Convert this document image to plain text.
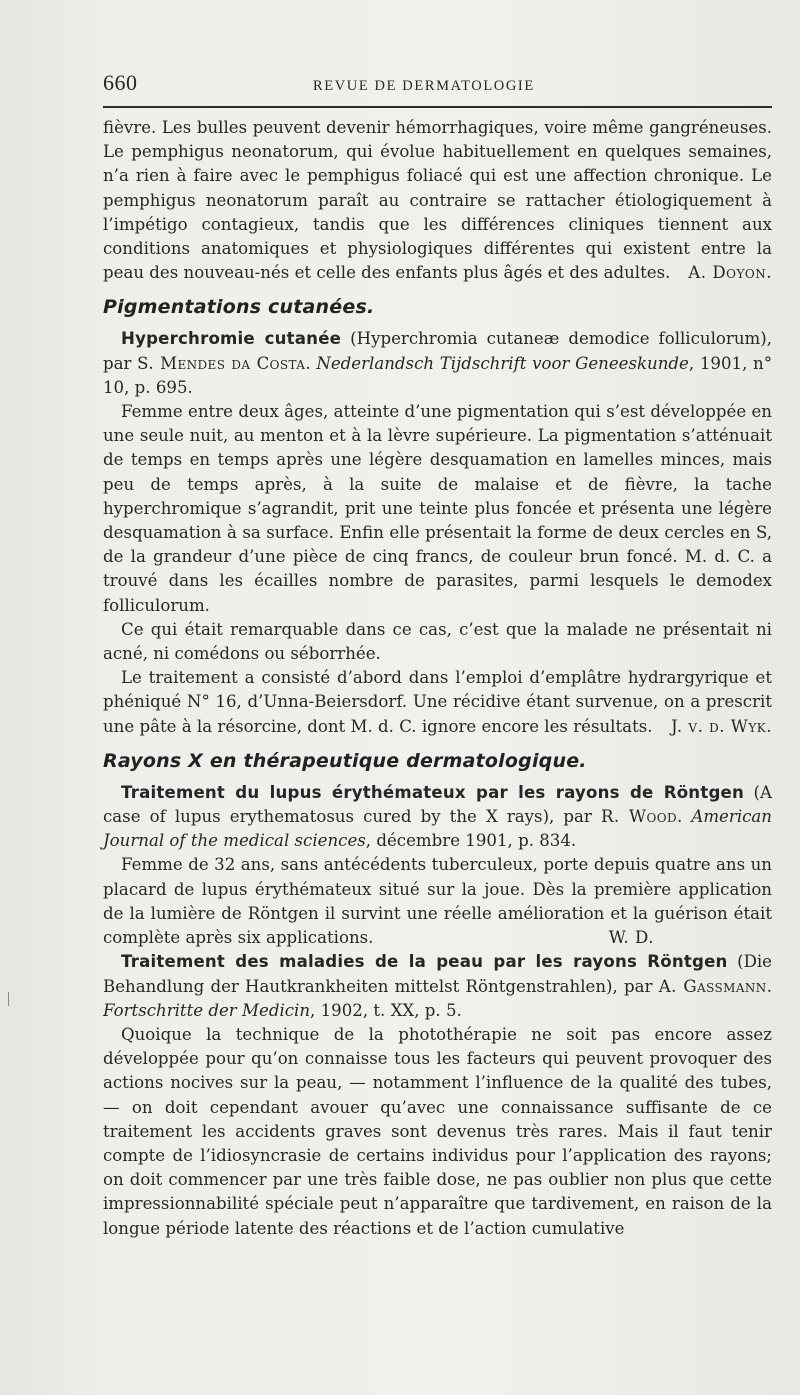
660	REVUE DE DERMATOLOGIE

fièvre. Les bulles peuvent devenir hémorrhagiques, voire même gangréneuses. Le pemphigus neonatorum, qui évolue habituellement en quelques semaines, n’a rien à faire avec le pemphigus foliacé qui est une affection chronique. Le pemphigus neonatorum paraît au contraire se rattacher étiologiquement à l’impétigo contagieux, tandis que les différences cliniques tiennent aux conditions anatomiques et physiologiques différentes qui existent entre la peau des nouveau-nés et celle des enfants plus âgés et des adultes. A. Doyon.

Pigmentations cutanées.

Hyperchromie cutanée (Hyperchromia cutaneæ demodice folliculorum), par S. Mendes da Costa. Nederlandsch Tijdschrift voor Geneeskunde, 1901, n° 10, p. 695.

Femme entre deux âges, atteinte d’une pigmentation qui s’est développée en une seule nuit, au menton et à la lèvre supérieure. La pigmentation s’atténuait de temps en temps après une légère desquamation en lamelles minces, mais peu de temps après, à la suite de malaise et de fièvre, la tache hyperchromique s’agrandit, prit une teinte plus foncée et présenta une légère desquamation à sa surface. Enfin elle présentait la forme de deux cercles en S, de la grandeur d’une pièce de cinq francs, de couleur brun foncé. M. d. C. a trouvé dans les écailles nombre de parasites, parmi lesquels le demodex folliculorum.

Ce qui était remarquable dans ce cas, c’est que la malade ne présentait ni acné, ni comédons ou séborrhée.

Le traitement a consisté d’abord dans l’emploi d’emplâtre hydrargyrique et phéniqué N° 16, d’Unna-Beiersdorf. Une récidive étant survenue, on a prescrit une pâte à la résorcine, dont M. d. C. ignore encore les résultats.	J. v. d. Wyk.

Rayons X en thérapeutique dermatologique.

Traitement du lupus érythémateux par les rayons de Röntgen (A case of lupus erythematosus cured by the X rays), par R. Wood. American Journal of the medical sciences, décembre 1901, p. 834.

Femme de 32 ans, sans antécédents tuberculeux, porte depuis quatre ans un placard de lupus érythémateux situé sur la joue. Dès la première application de la lumière de Röntgen il survint une réelle amélioration et la guérison était complète après six applications.	W. D.

Traitement des maladies de la peau par les rayons Röntgen (Die Behandlung der Hautkrankheiten mittelst Röntgenstrahlen), par A. Gassmann. Fortschritte der Medicin, 1902, t. XX, p. 5.

Quoique la technique de la photothérapie ne soit pas encore assez développée pour qu’on connaisse tous les facteurs qui peuvent provoquer des actions nocives sur la peau, — notamment l’influence de la qualité des tubes, — on doit cependant avouer qu’avec une connaissance suffisante de ce traitement les accidents graves sont devenus très rares. Mais il faut tenir compte de l’idiosyncrasie de certains individus pour l’application des rayons; on doit commencer par une très faible dose, ne pas oublier non plus que cette impressionnabilité spéciale peut n’apparaître que tardivement, en raison de la longue période latente des réactions et de l’action cumulative
